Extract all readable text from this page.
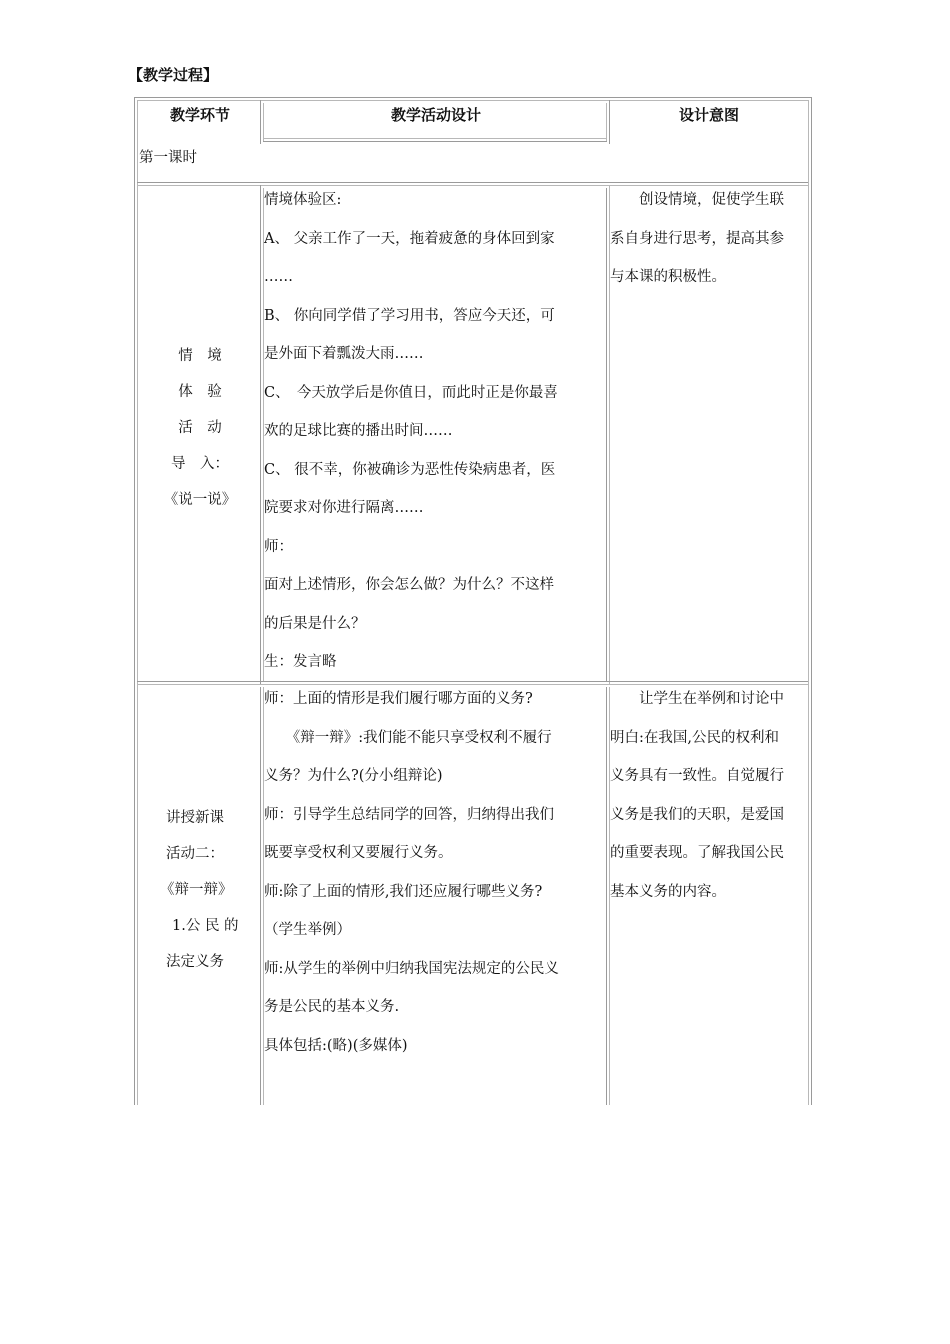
【教学过程】
教学环节	教学活动设计	设计意图
第一课时
情　境
体　验
活　动
导　入：
《说一说》
情境体验区:
A、 父亲工作了一天，拖着疲惫的身体回到家
……
B、 你向同学借了学习用书，答应今天还，可
是外面下着瓢泼大雨……
C、　今天放学后是你值日，而此时正是你最喜
欢的足球比赛的播出时间……
C、 很不幸，你被确诊为恶性传染病患者，医
院要求对你进行隔离……
师：
面对上述情形，你会怎么做？为什么？不这样
的后果是什么？
生：发言略
　　创设情境，促使学生联
系自身进行思考，提高其参
与本课的积极性。
讲授新课
活动二：
《辩一辩》
1.公 民 的
法定义务
师：上面的情形是我们履行哪方面的义务?
　　《辩一辩》:我们能不能只享受权利不履行
义务？为什么?(分小组辩论)
师：引导学生总结同学的回答，归纳得出我们
既要享受权利又要履行义务。
师:除了上面的情形,我们还应履行哪些义务?
（学生举例）
师:从学生的举例中归纳我国宪法规定的公民义
务是公民的基本义务.
具体包括:(略)(多媒体)
　　让学生在举例和讨论中
明白:在我国,公民的权利和
义务具有一致性。自觉履行
义务是我们的天职，是爱国
的重要表现。了解我国公民
基本义务的内容。
